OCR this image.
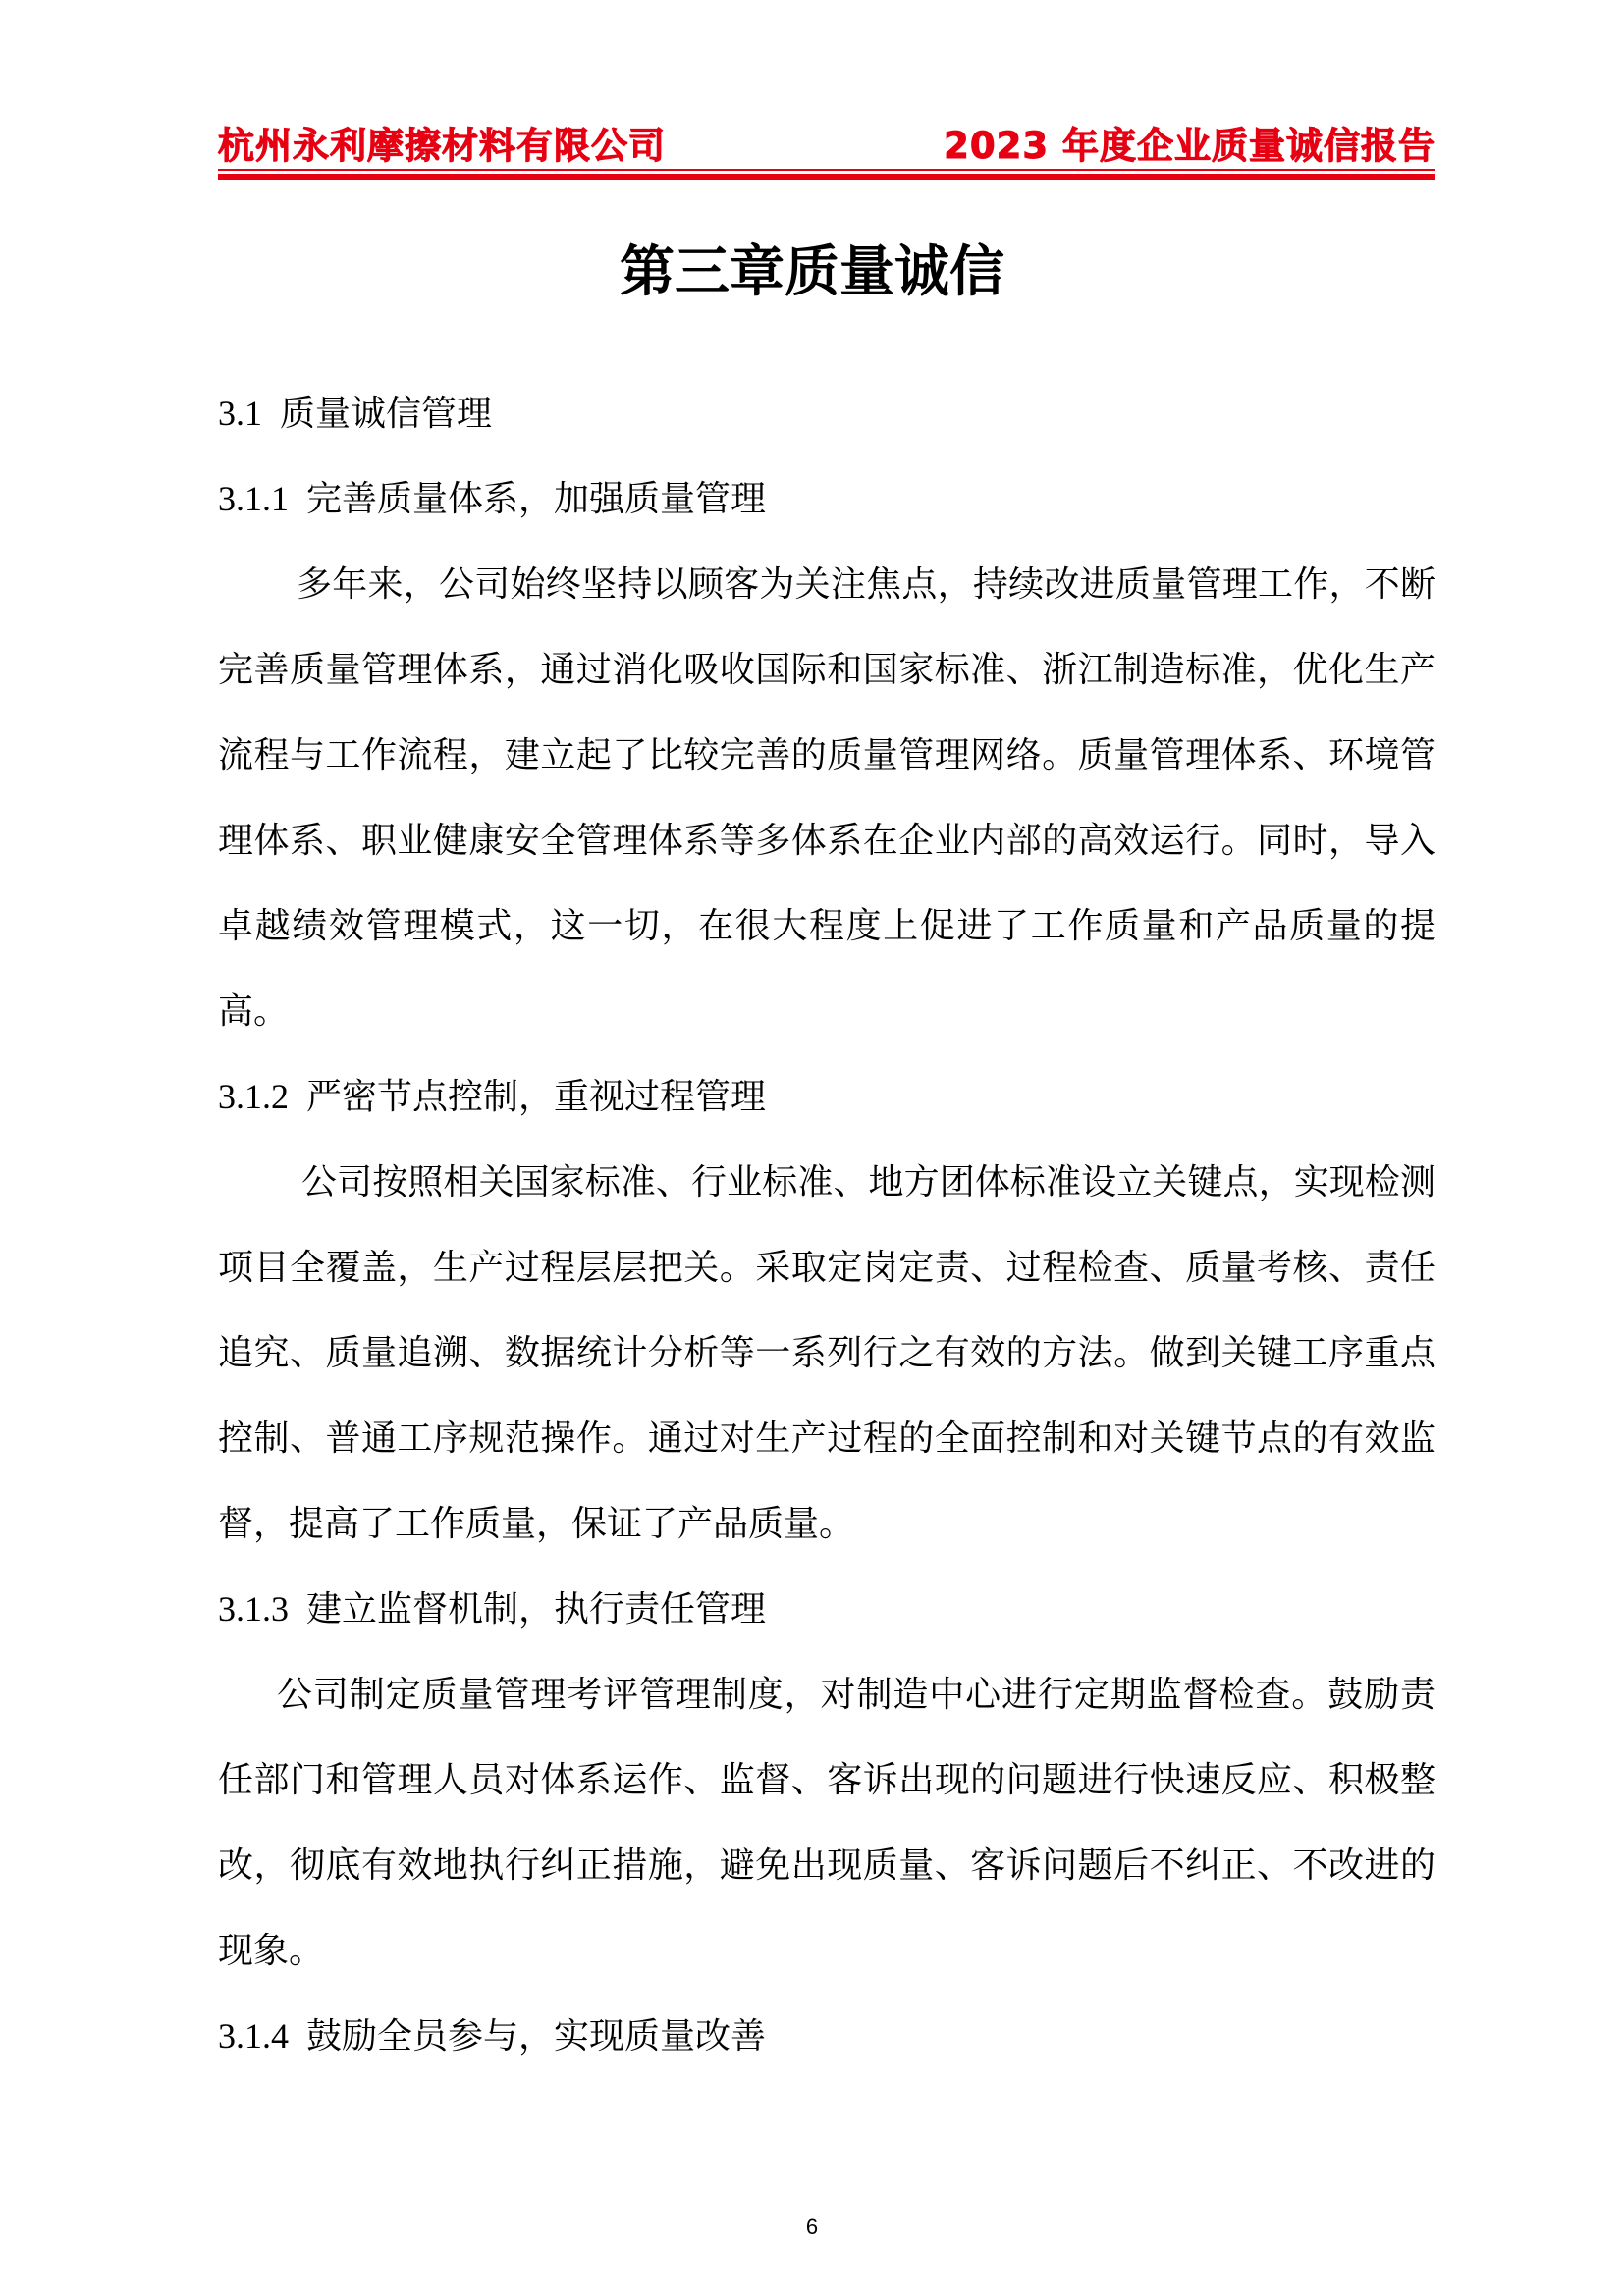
杭州永利摩擦材料有限公司	2023 年度企业质量诚信报告
第三章质量诚信
3.1 质量诚信管理
3.1.1 完善质量体系，加强质量管理

多年来，公司始终坚持以顾客为关注焦点，持续改进质量管理工作，不断完善质量管理体系，通过消化吸收国际和国家标准、浙江制造标准，优化生产流程与工作流程，建立起了比较完善的质量管理网络。质量管理体系、环境管理体系、职业健康安全管理体系等多体系在企业内部的高效运行。同时，导入卓越绩效管理模式，这一切，在很大程度上促进了工作质量和产品质量的提高。

3.1.2 严密节点控制，重视过程管理

公司按照相关国家标准、行业标准、地方团体标准设立关键点，实现检测项目全覆盖，生产过程层层把关。采取定岗定责、过程检查、质量考核、责任追究、质量追溯、数据统计分析等一系列行之有效的方法。做到关键工序重点控制、普通工序规范操作。通过对生产过程的全面控制和对关键节点的有效监督，提高了工作质量，保证了产品质量。

3.1.3 建立监督机制，执行责任管理

公司制定质量管理考评管理制度，对制造中心进行定期监督检查。鼓励责任部门和管理人员对体系运作、监督、客诉出现的问题进行快速反应、积极整改，彻底有效地执行纠正措施，避免出现质量、客诉问题后不纠正、不改进的现象。

3.1.4 鼓励全员参与，实现质量改善
6
